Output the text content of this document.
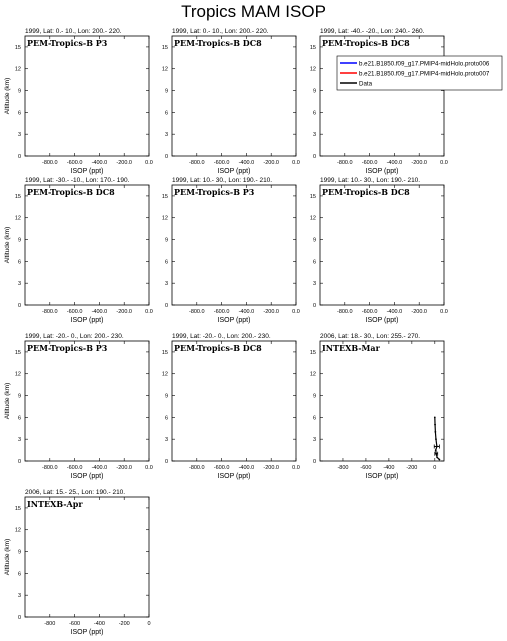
Tropics MAM ISOP
1999, Lat: 0.- 10., Lon: 200.- 220.
PEM-Tropics-B P3
0
3
6
9
12
15
-800.0 -600.0 -400.0 -200.0 0.0
ISOP (ppt)
Altitude (km)
1999, Lat: 0.- 10., Lon: 200.- 220.
PEM-Tropics-B DC8
0
3
6
9
12
15
-800.0 -600.0 -400.0 -200.0 0.0
ISOP (ppt)
1999, Lat: -40.- -20., Lon: 240.- 260.
PEM-Tropics-B DC8
0
3
6
9
12
15
-800.0 -600.0 -400.0 -200.0 0.0
ISOP (ppt)
b.e21.B1850.f09_g17.PMIP4-midHolo.proto006
b.e21.B1850.f09_g17.PMIP4-midHolo.proto007
Data
1999, Lat: -30.- -10., Lon: 170.- 190.
PEM-Tropics-B DC8
0
3
6
9
12
15
-800.0 -600.0 -400.0 -200.0 0.0
ISOP (ppt)
Altitude (km)
1999, Lat: 10.- 30., Lon: 190.- 210.
PEM-Tropics-B P3
0
3
6
9
12
15
-800.0 -600.0 -400.0 -200.0 0.0
ISOP (ppt)
1999, Lat: 10.- 30., Lon: 190.- 210.
PEM-Tropics-B DC8
0
3
6
9
12
15
-800.0 -600.0 -400.0 -200.0 0.0
ISOP (ppt)
1999, Lat: -20.- 0., Lon: 200.- 230.
PEM-Tropics-B P3
0
3
6
9
12
15
-800.0 -600.0 -400.0 -200.0 0.0
ISOP (ppt)
Altitude (km)
1999, Lat: -20.- 0., Lon: 200.- 230.
PEM-Tropics-B DC8
0
3
6
9
12
15
-800.0 -600.0 -400.0 -200.0 0.0
ISOP (ppt)
2006, Lat: 18.- 30., Lon: 255.- 270.
INTEXB-Mar
0
3
6
9
12
15
-800 -600 -400 -200	0
ISOP (ppt)
2006, Lat: 15.- 25., Lon: 190.- 210.
INTEXB-Apr
0
3
6
9
12
15
-800	-600	-400	-200	0
ISOP (ppt)
Altitude (km)
